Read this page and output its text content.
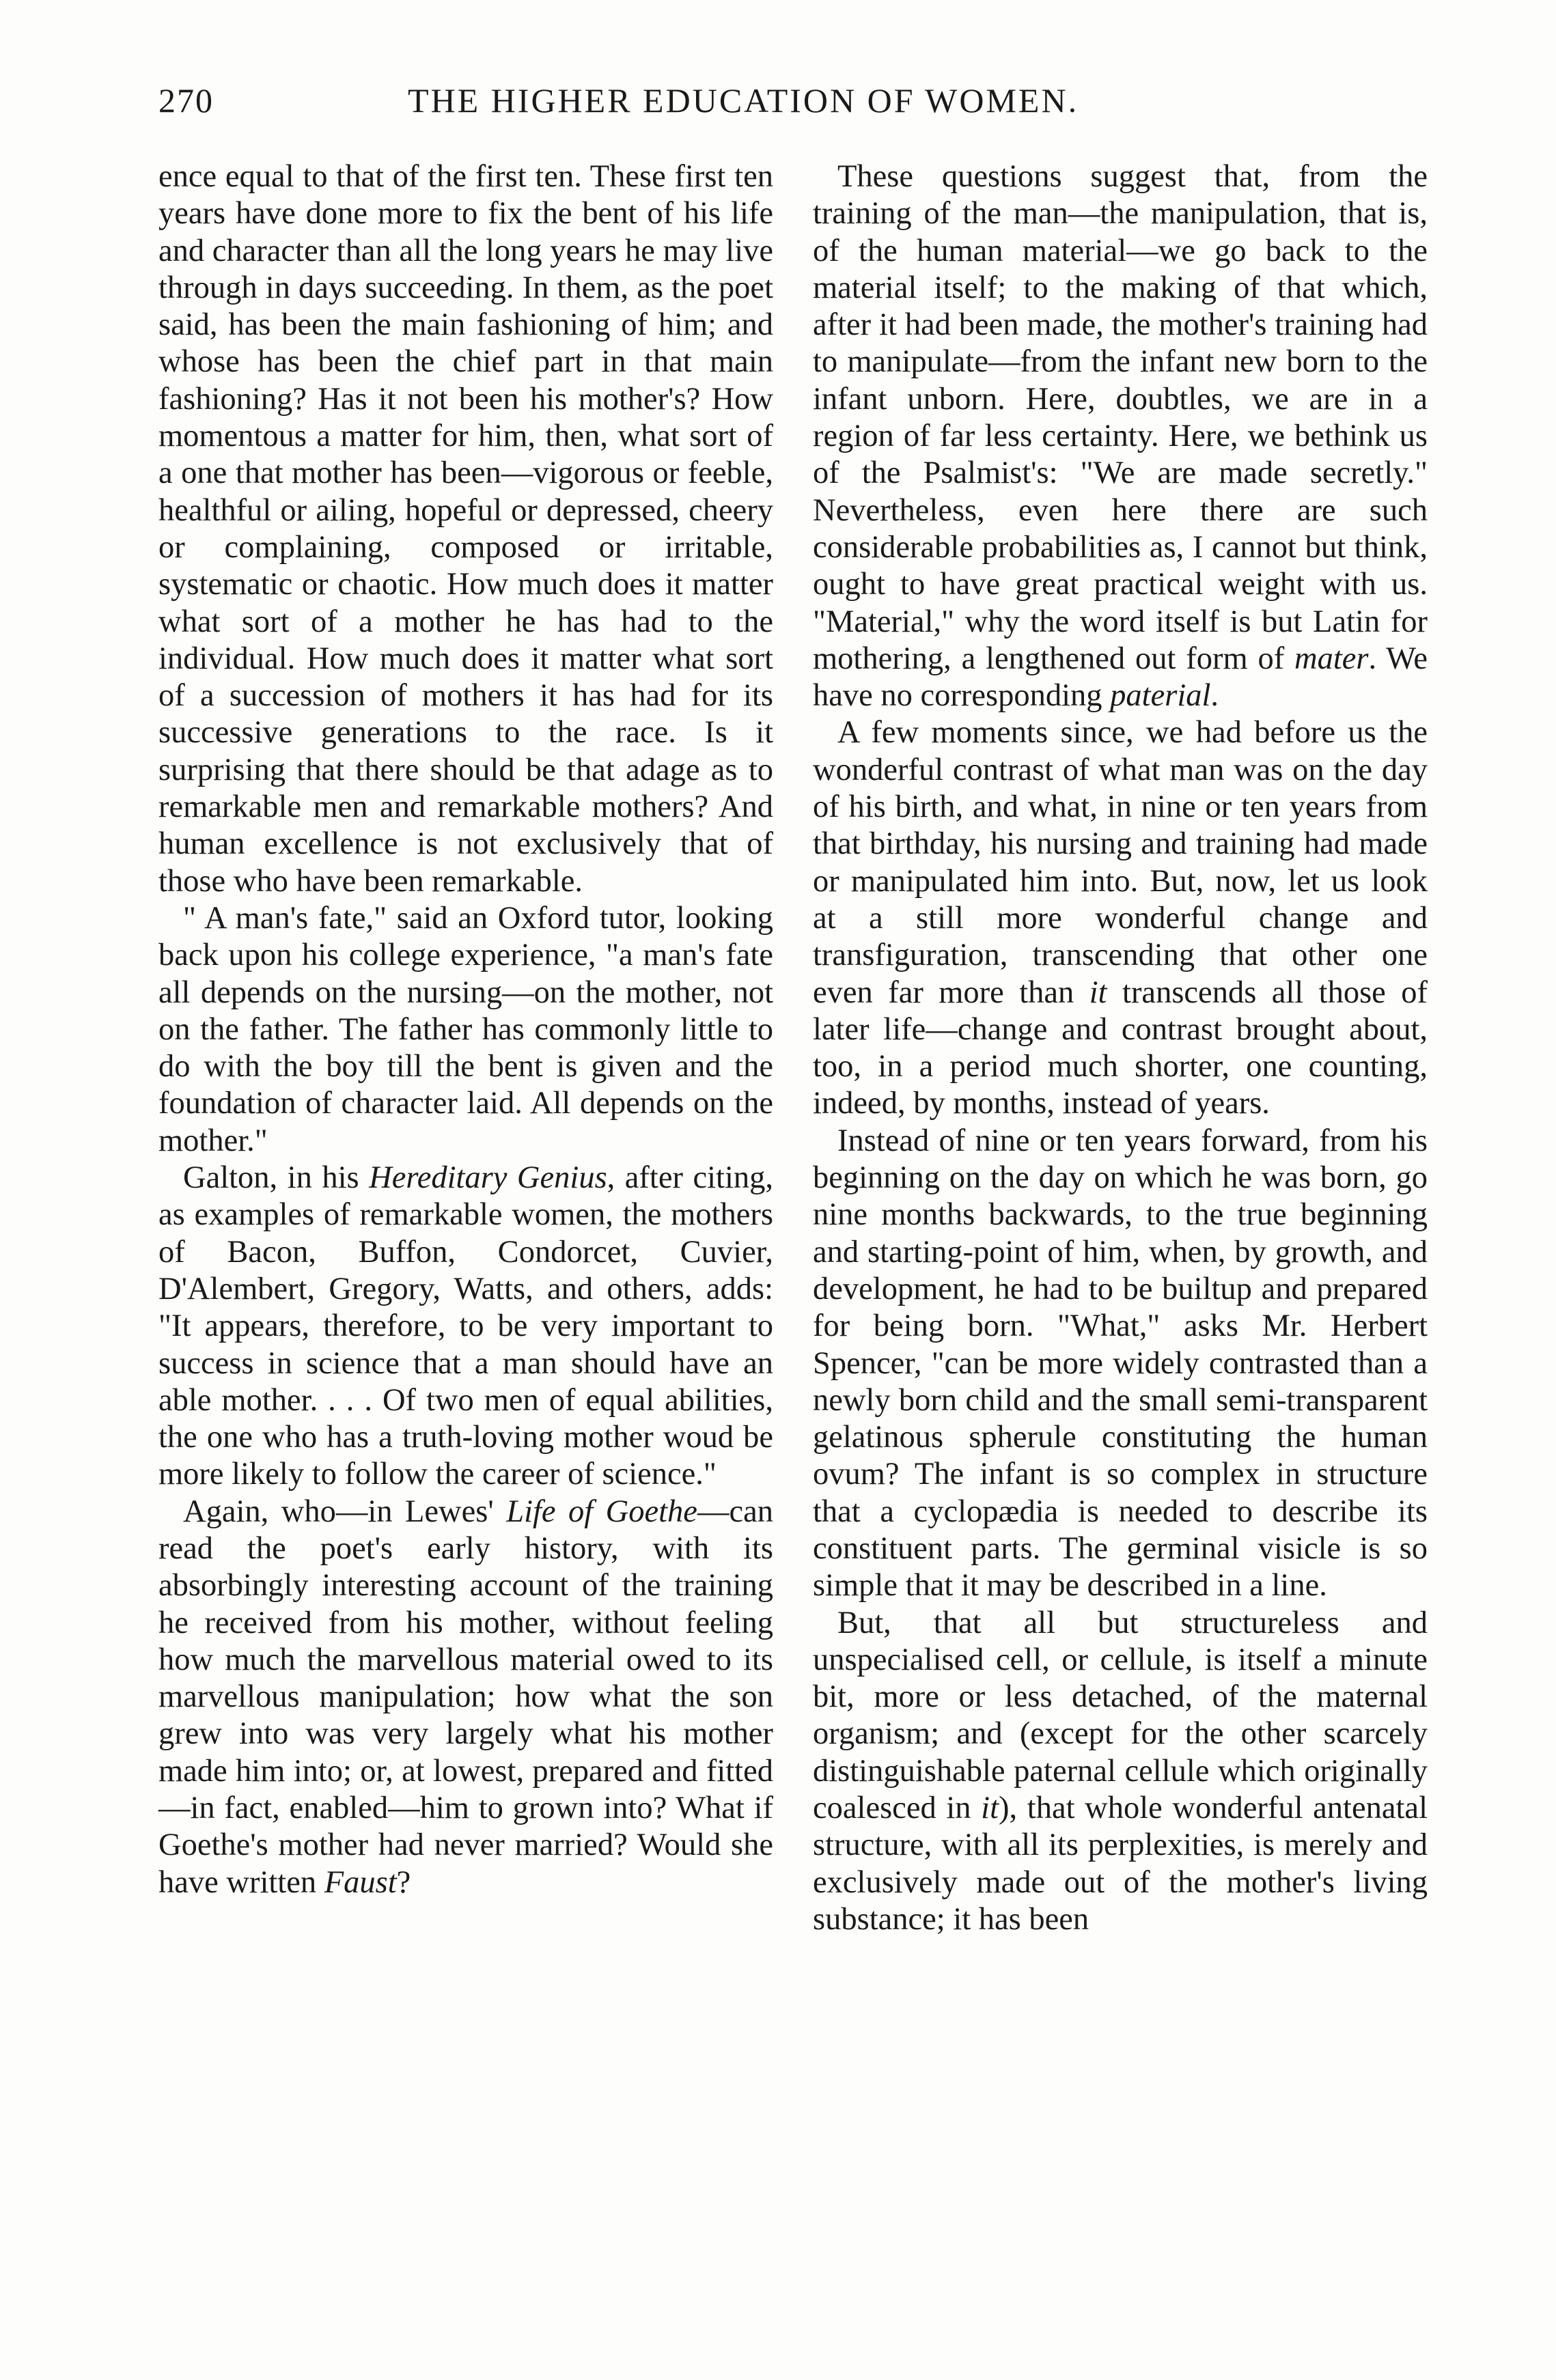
270	THE HIGHER EDUCATION OF WOMEN.

ence equal to that of the first ten. These first ten years have done more to fix the bent of his life and character than all the long years he may live through in days succeeding. In them, as the poet said, has been the main fashioning of him; and whose has been the chief part in that main fashioning? Has it not been his mother's? How momentous a matter for him, then, what sort of a one that mother has been—vigorous or feeble, healthful or ailing, hopeful or depressed, cheery or complaining, composed or irritable, systematic or chaotic. How much does it matter what sort of a mother he has had to the individual. How much does it matter what sort of a succession of mothers it has had for its successive generations to the race. Is it surprising that there should be that adage as to remarkable men and remarkable mothers? And human excellence is not exclusively that of those who have been remarkable.

" A man's fate," said an Oxford tutor, looking back upon his college experience, "a man's fate all depends on the nursing—on the mother, not on the father. The father has commonly little to do with the boy till the bent is given and the foundation of character laid. All depends on the mother."

Galton, in his Hereditary Genius, after citing, as examples of remarkable women, the mothers of Bacon, Buffon, Condorcet, Cuvier, D'Alembert, Gregory, Watts, and others, adds: "It appears, therefore, to be very important to success in science that a man should have an able mother. . . . Of two men of equal abilities, the one who has a truth-loving mother woud be more likely to follow the career of science."

Again, who—in Lewes' Life of Goethe—can read the poet's early history, with its absorbingly interesting account of the training he received from his mother, without feeling how much the marvellous material owed to its marvellous manipulation; how what the son grew into was very largely what his mother made him into; or, at lowest, prepared and fitted—in fact, enabled—him to grown into? What if Goethe's mother had never married? Would she have written Faust?

These questions suggest that, from the training of the man—the manipulation, that is, of the human material—we go back to the material itself; to the making of that which, after it had been made, the mother's training had to manipulate—from the infant new born to the infant unborn. Here, doubtles, we are in a region of far less certainty. Here, we bethink us of the Psalmist's: "We are made secretly." Nevertheless, even here there are such considerable probabilities as, I cannot but think, ought to have great practical weight with us. "Material," why the word itself is but Latin for mothering, a lengthened out form of mater. We have no corresponding paterial.

A few moments since, we had before us the wonderful contrast of what man was on the day of his birth, and what, in nine or ten years from that birthday, his nursing and training had made or manipulated him into. But, now, let us look at a still more wonderful change and transfiguration, transcending that other one even far more than it transcends all those of later life—change and contrast brought about, too, in a period much shorter, one counting, indeed, by months, instead of years.

Instead of nine or ten years forward, from his beginning on the day on which he was born, go nine months backwards, to the true beginning and starting-point of him, when, by growth, and development, he had to be builtup and prepared for being born. "What," asks Mr. Herbert Spencer, "can be more widely contrasted than a newly born child and the small semi-transparent gelatinous spherule constituting the human ovum? The infant is so complex in structure that a cyclopædia is needed to describe its constituent parts. The germinal visicle is so simple that it may be described in a line.

But, that all but structureless and unspecialised cell, or cellule, is itself a minute bit, more or less detached, of the maternal organism; and (except for the other scarcely distinguishable paternal cellule which originally coalesced in it), that whole wonderful antenatal structure, with all its perplexities, is merely and exclusively made out of the mother's living substance; it has been
